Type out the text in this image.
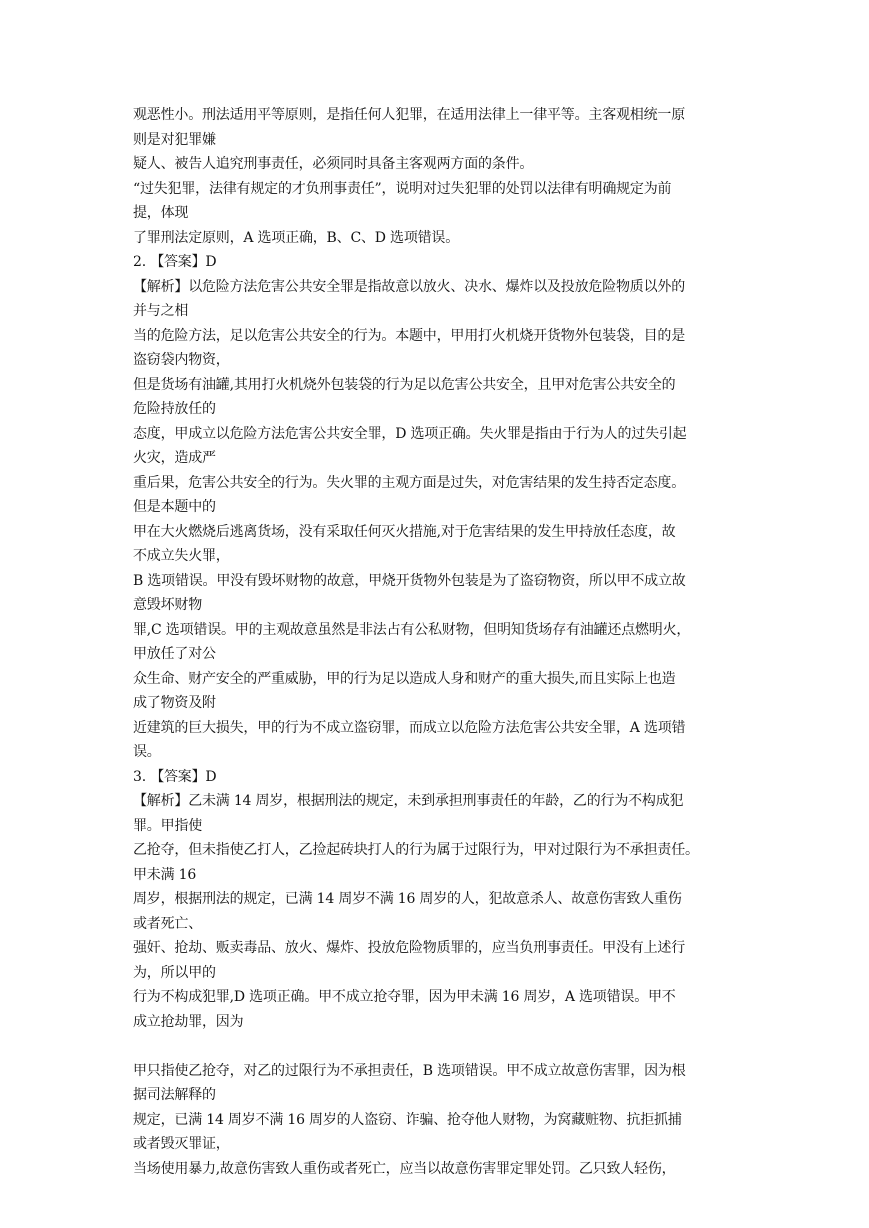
观恶性小。刑法适用平等原则，是指任何人犯罪，在适用法律上一律平等。主客观相统一原

则是对犯罪嫌

疑人、被告人追究刑事责任，必须同时具备主客观两方面的条件。

“过失犯罪，法律有规定的才负刑事责任”，说明对过失犯罪的处罚以法律有明确规定为前

提，体现

了罪刑法定原则，A 选项正确，B、C、D 选项错误。

2. 【答案】D

【解析】以危险方法危害公共安全罪是指故意以放火、决水、爆炸以及投放危险物质以外的

并与之相

当的危险方法，足以危害公共安全的行为。本题中，甲用打火机烧开货物外包装袋，目的是

盗窃袋内物资，

但是货场有油罐,其用打火机烧外包装袋的行为足以危害公共安全，且甲对危害公共安全的

危险持放任的

态度，甲成立以危险方法危害公共安全罪，D 选项正确。失火罪是指由于行为人的过失引起

火灾，造成严

重后果，危害公共安全的行为。失火罪的主观方面是过失，对危害结果的发生持否定态度。

但是本题中的

甲在大火燃烧后逃离货场，没有采取任何灭火措施,对于危害结果的发生甲持放任态度，故

不成立失火罪，

B 选项错误。甲没有毁坏财物的故意，甲烧开货物外包装是为了盗窃物资，所以甲不成立故

意毁坏财物

罪,C 选项错误。甲的主观故意虽然是非法占有公私财物，但明知货场存有油罐还点燃明火，

甲放任了对公

众生命、财产安全的严重威胁，甲的行为足以造成人身和财产的重大损失,而且实际上也造

成了物资及附

近建筑的巨大损失，甲的行为不成立盗窃罪，而成立以危险方法危害公共安全罪，A 选项错

误。

3. 【答案】D

【解析】乙未满 14 周岁，根据刑法的规定，未到承担刑事责任的年龄，乙的行为不构成犯

罪。甲指使

乙抢夺，但未指使乙打人，乙捡起砖块打人的行为属于过限行为，甲对过限行为不承担责任。

甲未满 16

周岁，根据刑法的规定，已满 14 周岁不满 16 周岁的人，犯故意杀人、故意伤害致人重伤

或者死亡、

强奸、抢劫、贩卖毒品、放火、爆炸、投放危险物质罪的，应当负刑事责任。甲没有上述行

为，所以甲的

行为不构成犯罪,D 选项正确。甲不成立抢夺罪，因为甲未满 16 周岁，A 选项错误。甲不

成立抢劫罪，因为

甲只指使乙抢夺，对乙的过限行为不承担责任，B 选项错误。甲不成立故意伤害罪，因为根

据司法解释的

规定，已满 14 周岁不满 16 周岁的人盗窃、诈骗、抢夺他人财物，为窝藏赃物、抗拒抓捕

或者毁灭罪证，

当场使用暴力,故意伤害致人重伤或者死亡，应当以故意伤害罪定罪处罚。乙只致人轻伤，
